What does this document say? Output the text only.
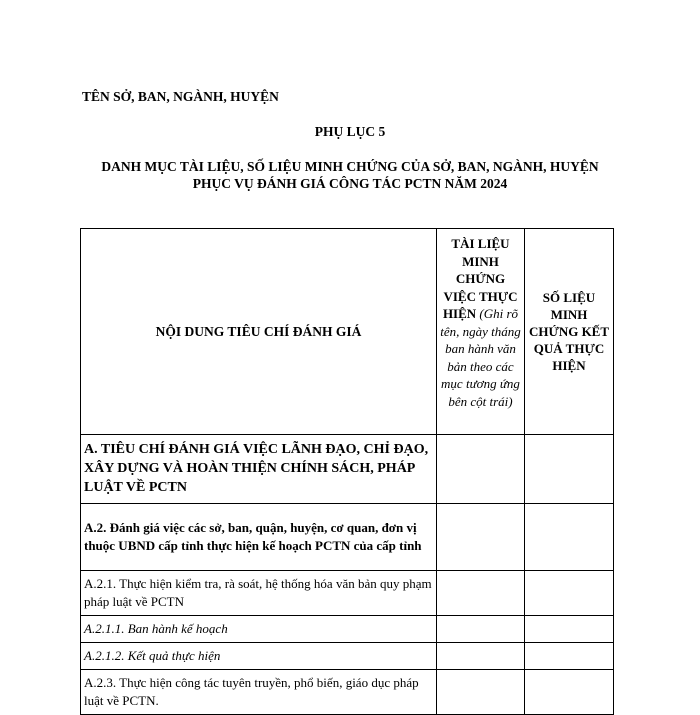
TÊN SỞ, BAN, NGÀNH, HUYỆN
PHỤ LỤC 5
DANH MỤC TÀI LIỆU, SỐ LIỆU MINH CHỨNG CỦA SỞ, BAN, NGÀNH, HUYỆN
PHỤC VỤ ĐÁNH GIÁ CÔNG TÁC PCTN NĂM 2024
NỘI DUNG TIÊU CHÍ ĐÁNH GIÁ	TÀI LIỆU MINH CHỨNG VIỆC THỰC HIỆN (Ghi rõ tên, ngày tháng ban hành văn bản theo các mục tương ứng bên cột trái)	SỐ LIỆU MINH CHỨNG KẾT QUẢ THỰC HIỆN
A. TIÊU CHÍ ĐÁNH GIÁ VIỆC LÃNH ĐẠO, CHỈ ĐẠO, XÂY DỰNG VÀ HOÀN THIỆN CHÍNH SÁCH, PHÁP LUẬT VỀ PCTN		
A.2. Đánh giá việc các sở, ban, quận, huyện, cơ quan, đơn vị thuộc UBND cấp tỉnh thực hiện kế hoạch PCTN của cấp tỉnh		
A.2.1. Thực hiện kiểm tra, rà soát, hệ thống hóa văn bản quy phạm pháp luật về PCTN		
A.2.1.1. Ban hành kế hoạch		
A.2.1.2. Kết quả thực hiện		
A.2.3. Thực hiện công tác tuyên truyền, phổ biến, giáo dục pháp luật về PCTN.		
